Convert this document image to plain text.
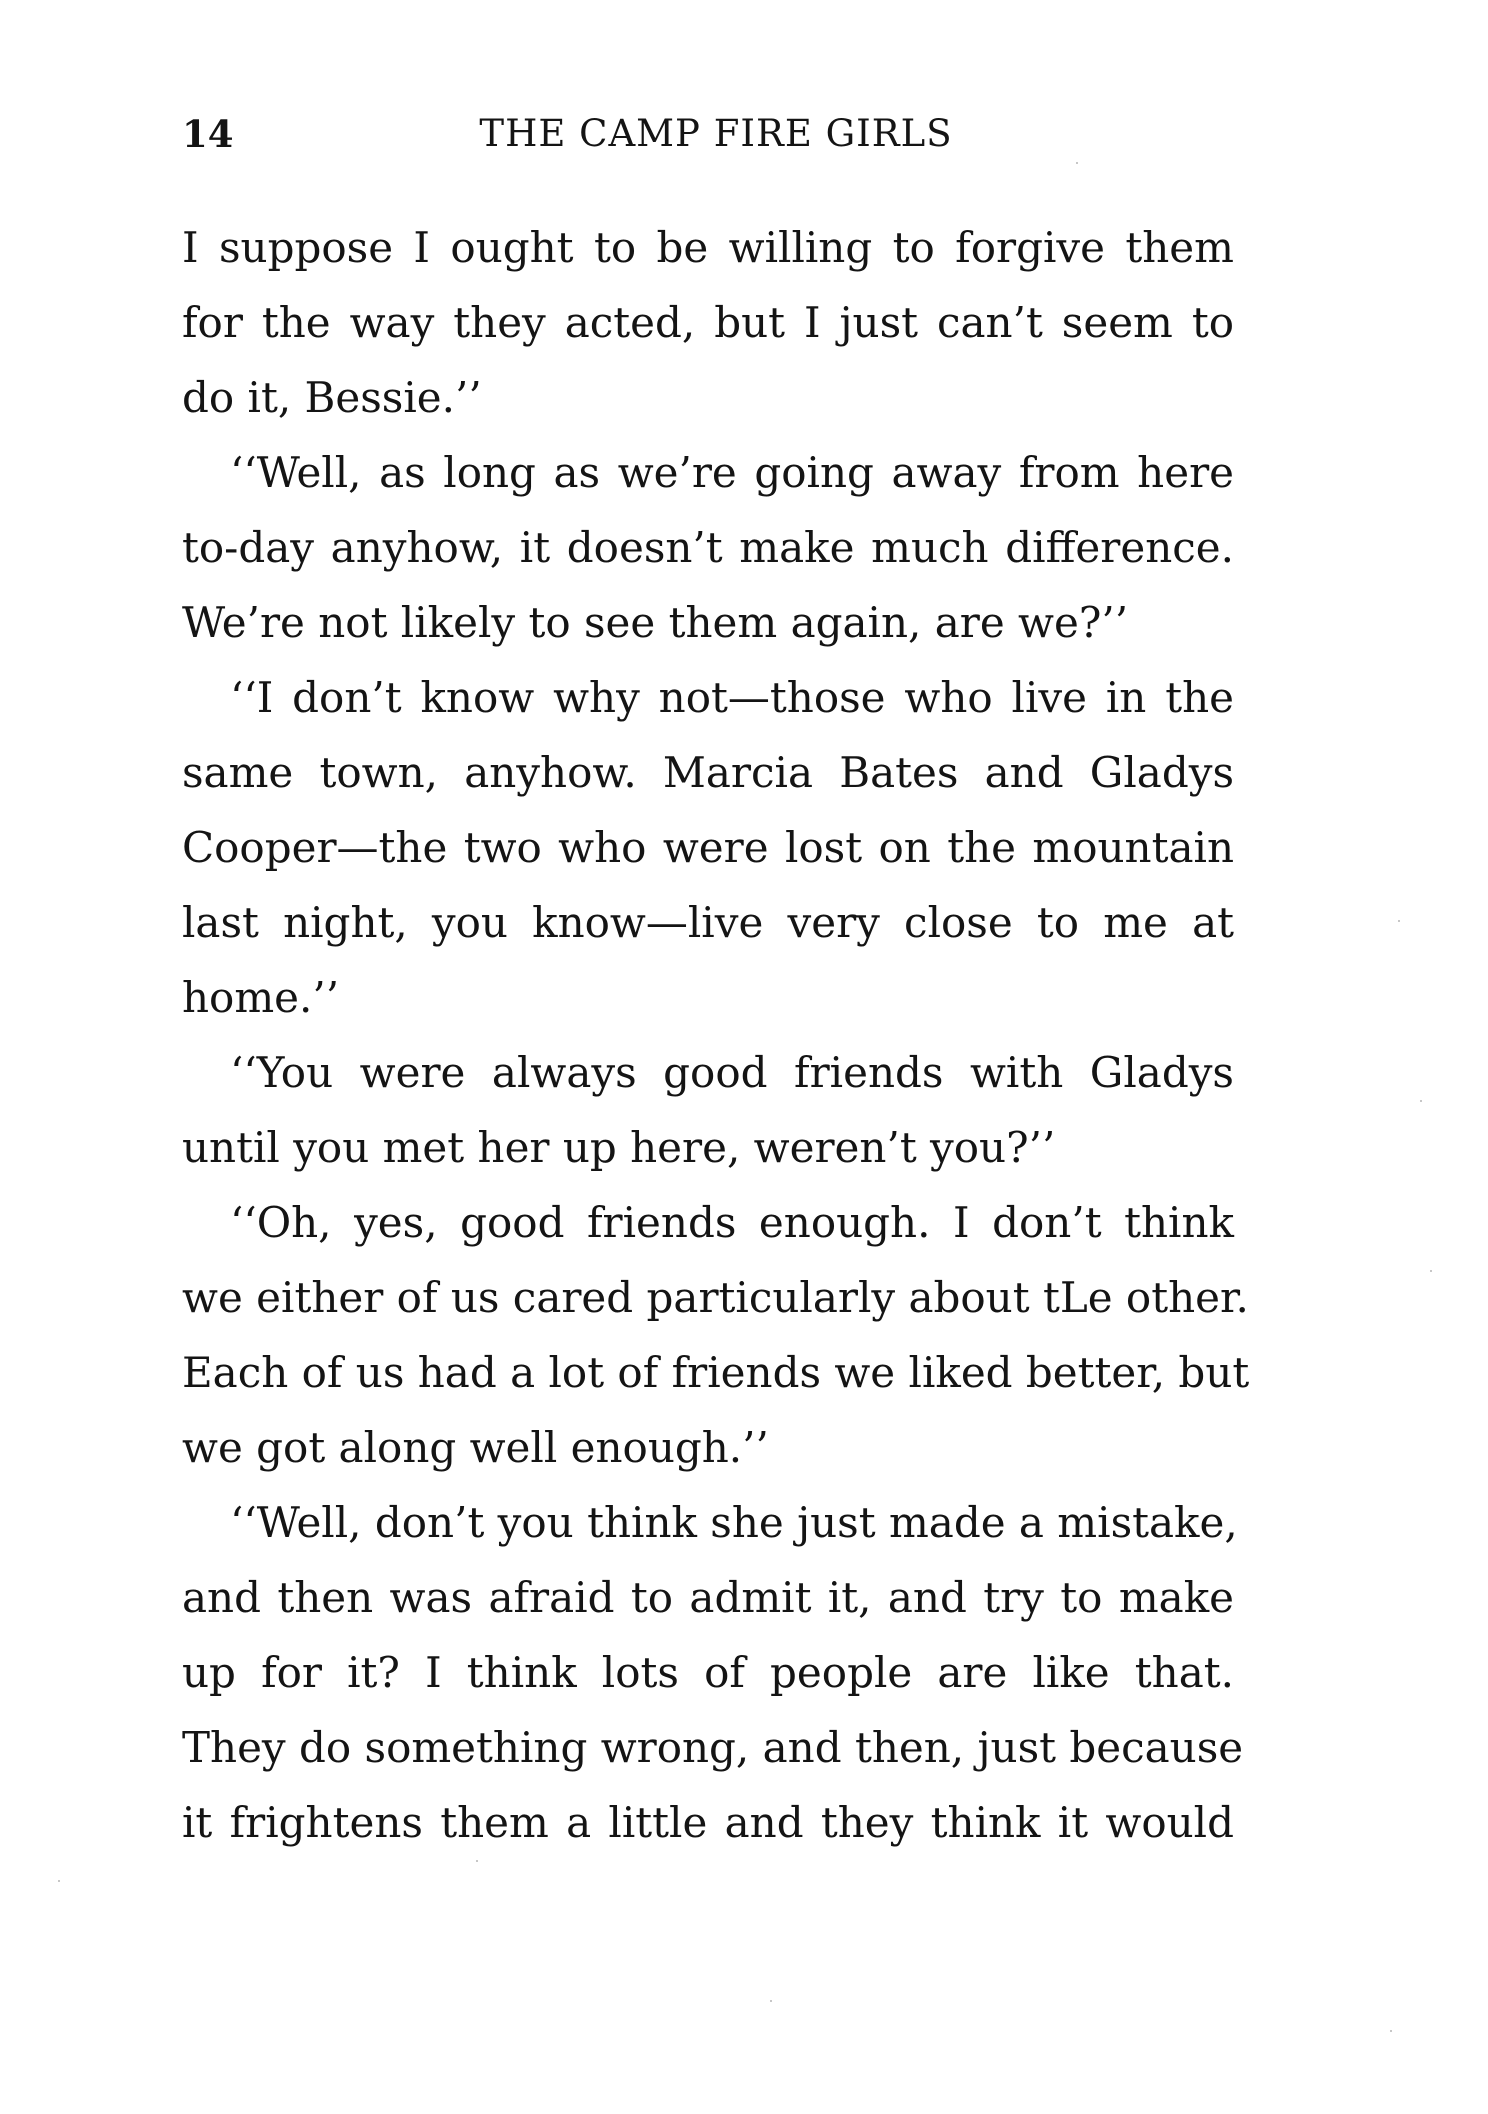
14	THE CAMP FIRE GIRLS
I suppose I ought to be willing to forgive them
for the way they acted, but I just can’t seem to
do it, Bessie.’’
‘‘Well, as long as we’re going away from here
to-day anyhow, it doesn’t make much difference.
We’re not likely to see them again, are we?’’
‘‘I don’t know why not—those who live in the
same town, anyhow. Marcia Bates and Gladys
Cooper—the two who were lost on the mountain
last night, you know—live very close to me at
home.’’
‘‘You were always good friends with Gladys
until you met her up here, weren’t you?’’
‘‘Oh, yes, good friends enough. I don’t think
we either of us cared particularly about tLe other.
Each of us had a lot of friends we liked better, but
we got along well enough.’’
‘‘Well, don’t you think she just made a mistake,
and then was afraid to admit it, and try to make
up for it? I think lots of people are like that.
They do something wrong, and then, just because
it frightens them a little and they think it would
